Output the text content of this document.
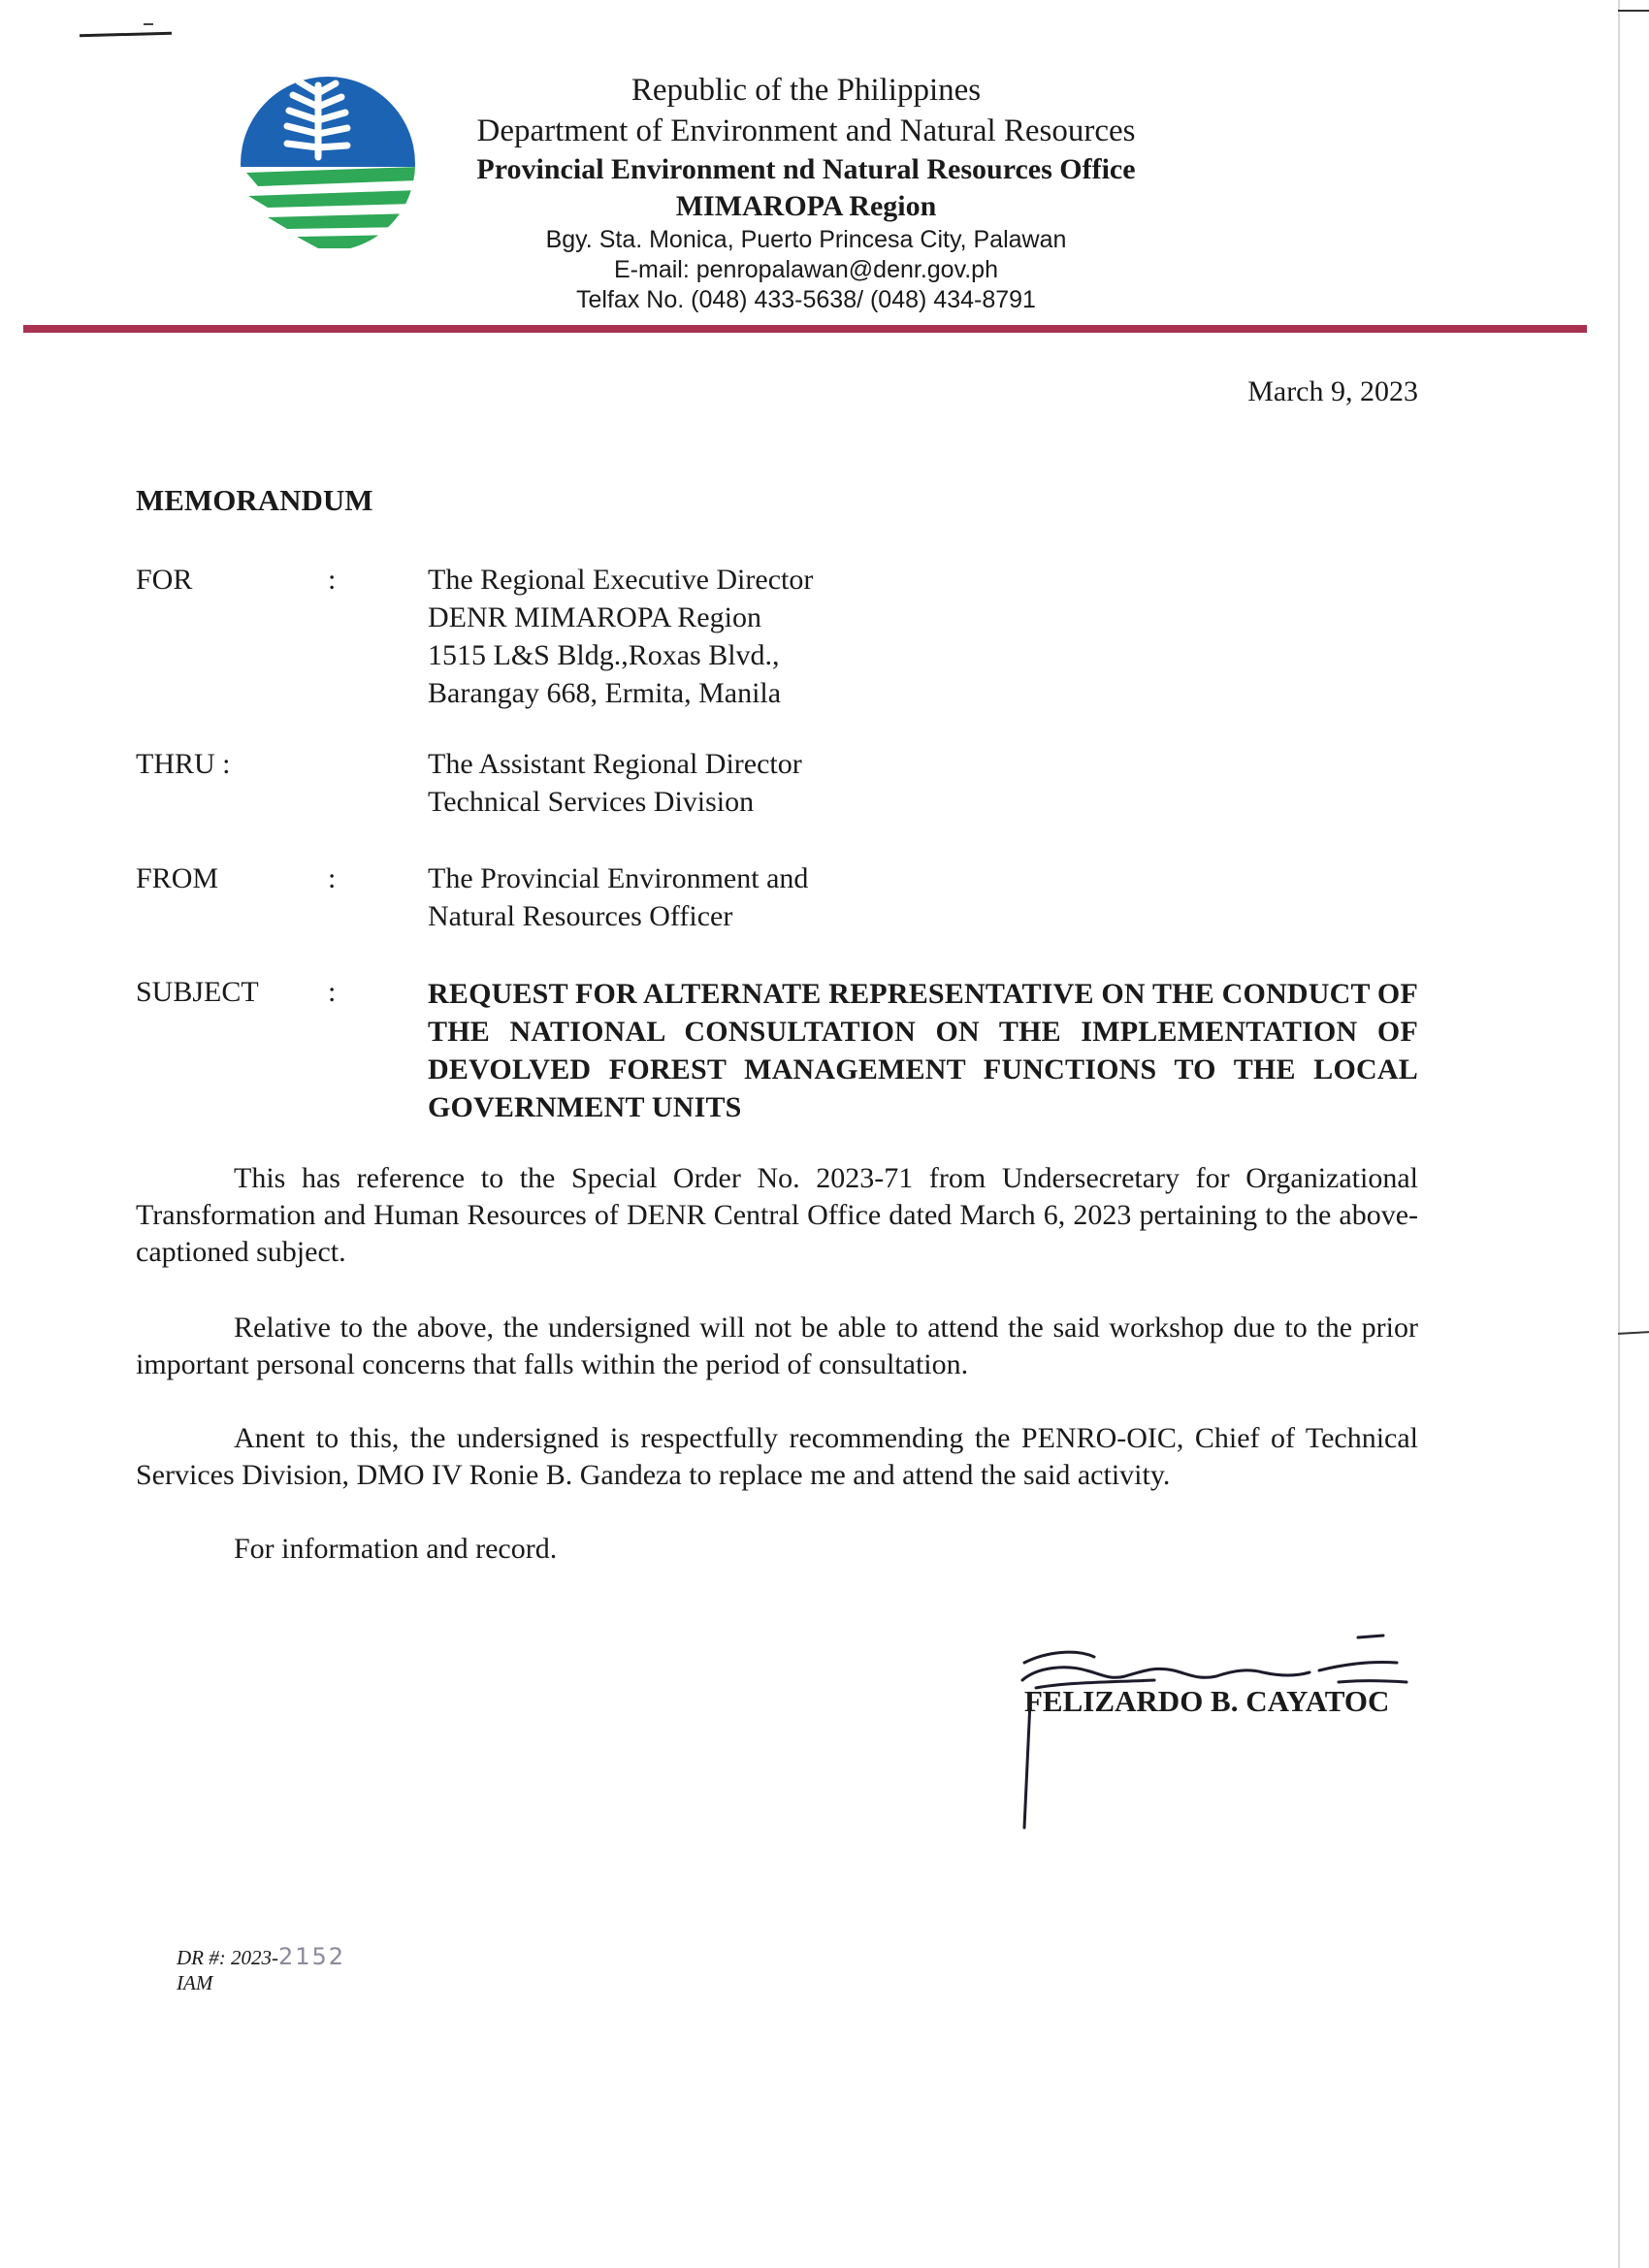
Republic of the Philippines
Department of Environment and Natural Resources
Provincial Environment nd Natural Resources Office
MIMAROPA Region
Bgy. Sta. Monica, Puerto Princesa City, Palawan
E-mail: penropalawan@denr.gov.ph
Telfax No. (048) 433-5638/ (048) 434-8791
March 9, 2023
MEMORANDUM
FOR	:	The Regional Executive Director
DENR MIMAROPA Region
1515 L&S Bldg.,Roxas Blvd.,
Barangay 668, Ermita, Manila
THRU :	The Assistant Regional Director
Technical Services Division
FROM	:	The Provincial Environment and
Natural Resources Officer
SUBJECT :	REQUEST FOR ALTERNATE REPRESENTATIVE ON THE CONDUCT OF THE NATIONAL CONSULTATION ON THE IMPLEMENTATION OF DEVOLVED FOREST MANAGEMENT FUNCTIONS TO THE LOCAL GOVERNMENT UNITS
This has reference to the Special Order No. 2023-71 from Undersecretary for Organizational Transformation and Human Resources of DENR Central Office dated March 6, 2023 pertaining to the above-captioned subject.
Relative to the above, the undersigned will not be able to attend the said workshop due to the prior important personal concerns that falls within the period of consultation.
Anent to this, the undersigned is respectfully recommending the PENRO-OIC, Chief of Technical Services Division, DMO IV Ronie B. Gandeza to replace me and attend the said activity.
For information and record.
FELIZARDO B. CAYATOC
DR #: 2023-2152
IAM
